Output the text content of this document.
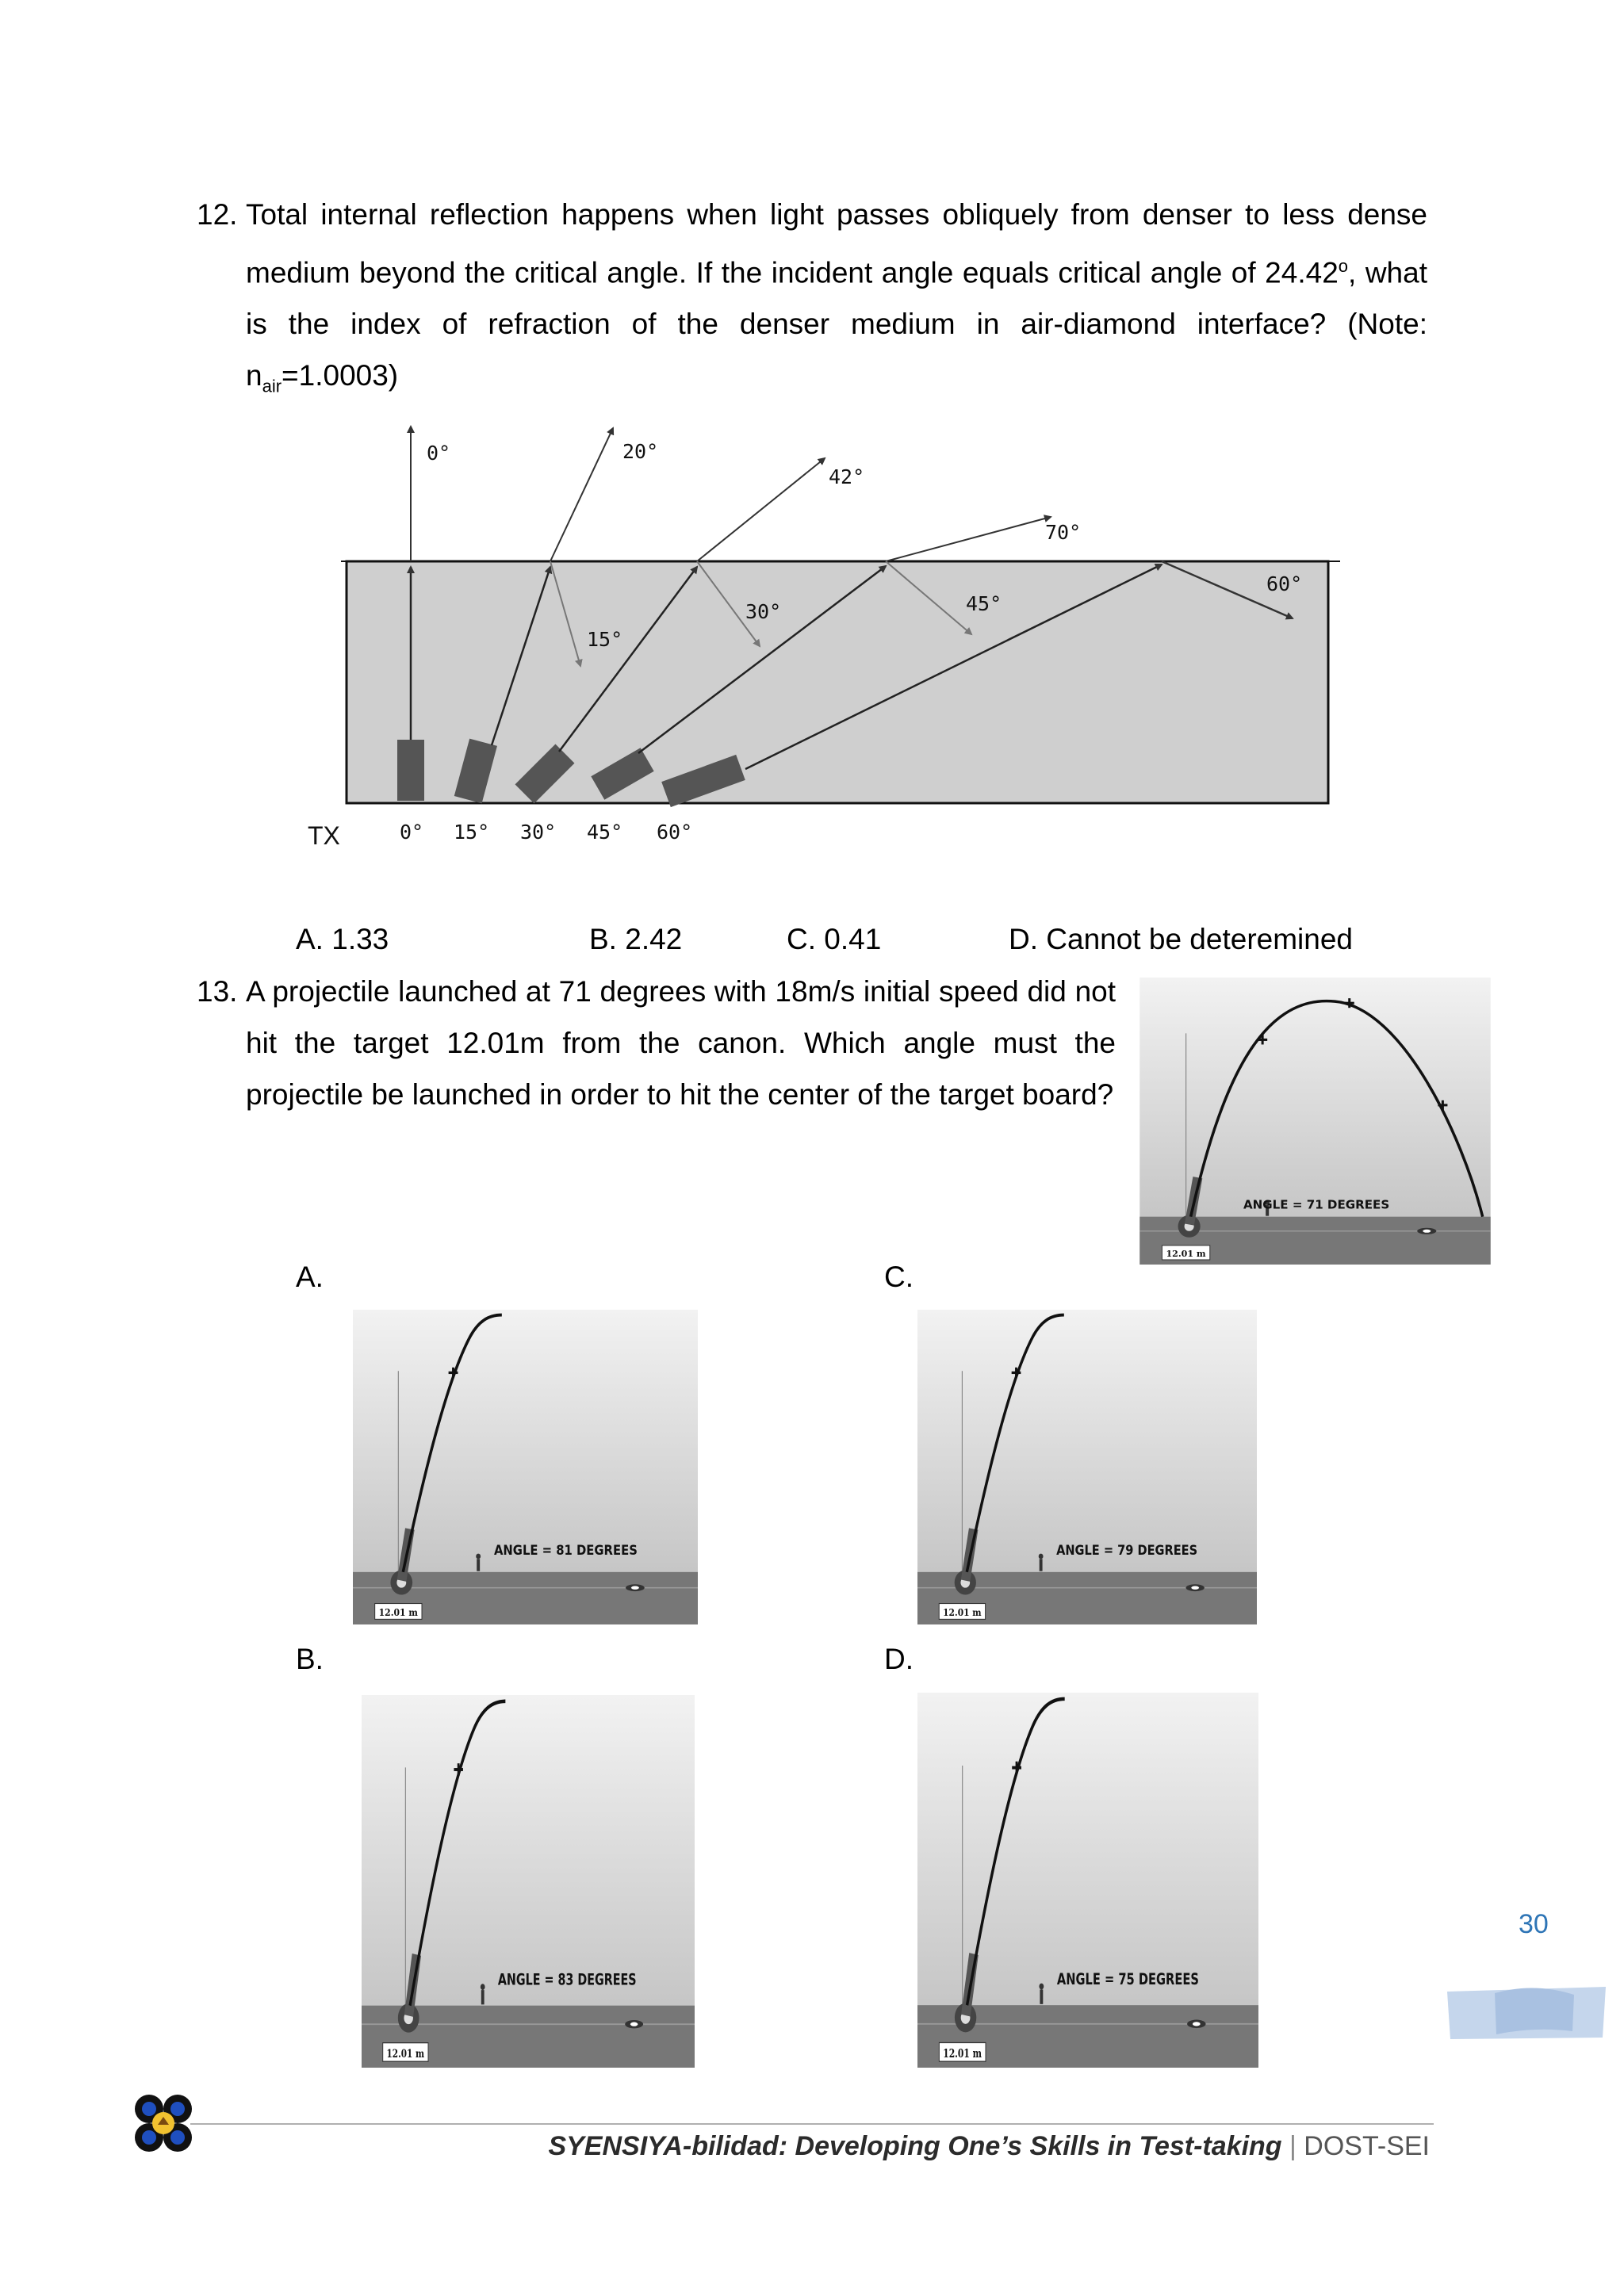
12. Total internal reflection happens when light passes obliquely from denser to less dense medium beyond the critical angle. If the incident angle equals critical angle of 24.42$^o$, what is the index of refraction of the denser medium in air-diamond interface? (Note: $n_{air}=1.0003$)
0°	20°
42°
70°
15°
30°	45°
60°
TX	0° 15° 30° 45° 60°
A. 1.33	B. 2.42	C. 0.41	D. Cannot be deteremined
13. A projectile launched at 71 degrees with 18m/s initial speed did not hit the target 12.01m from the canon. Which angle must the projectile be launched in order to hit the center of the target board?
ANGLE = 71 DEGREES
12.01 m
A.
ANGLE = 81 DEGREES
12.01 m
C.
ANGLE = 79 DEGREES
12.01 m
B.
ANGLE = 83 DEGREES
12.01 m
D.
ANGLE = 75 DEGREES
12.01 m
30
SYENSIYA-bilidad: Developing One’s Skills in Test-taking | DOST-SEI
